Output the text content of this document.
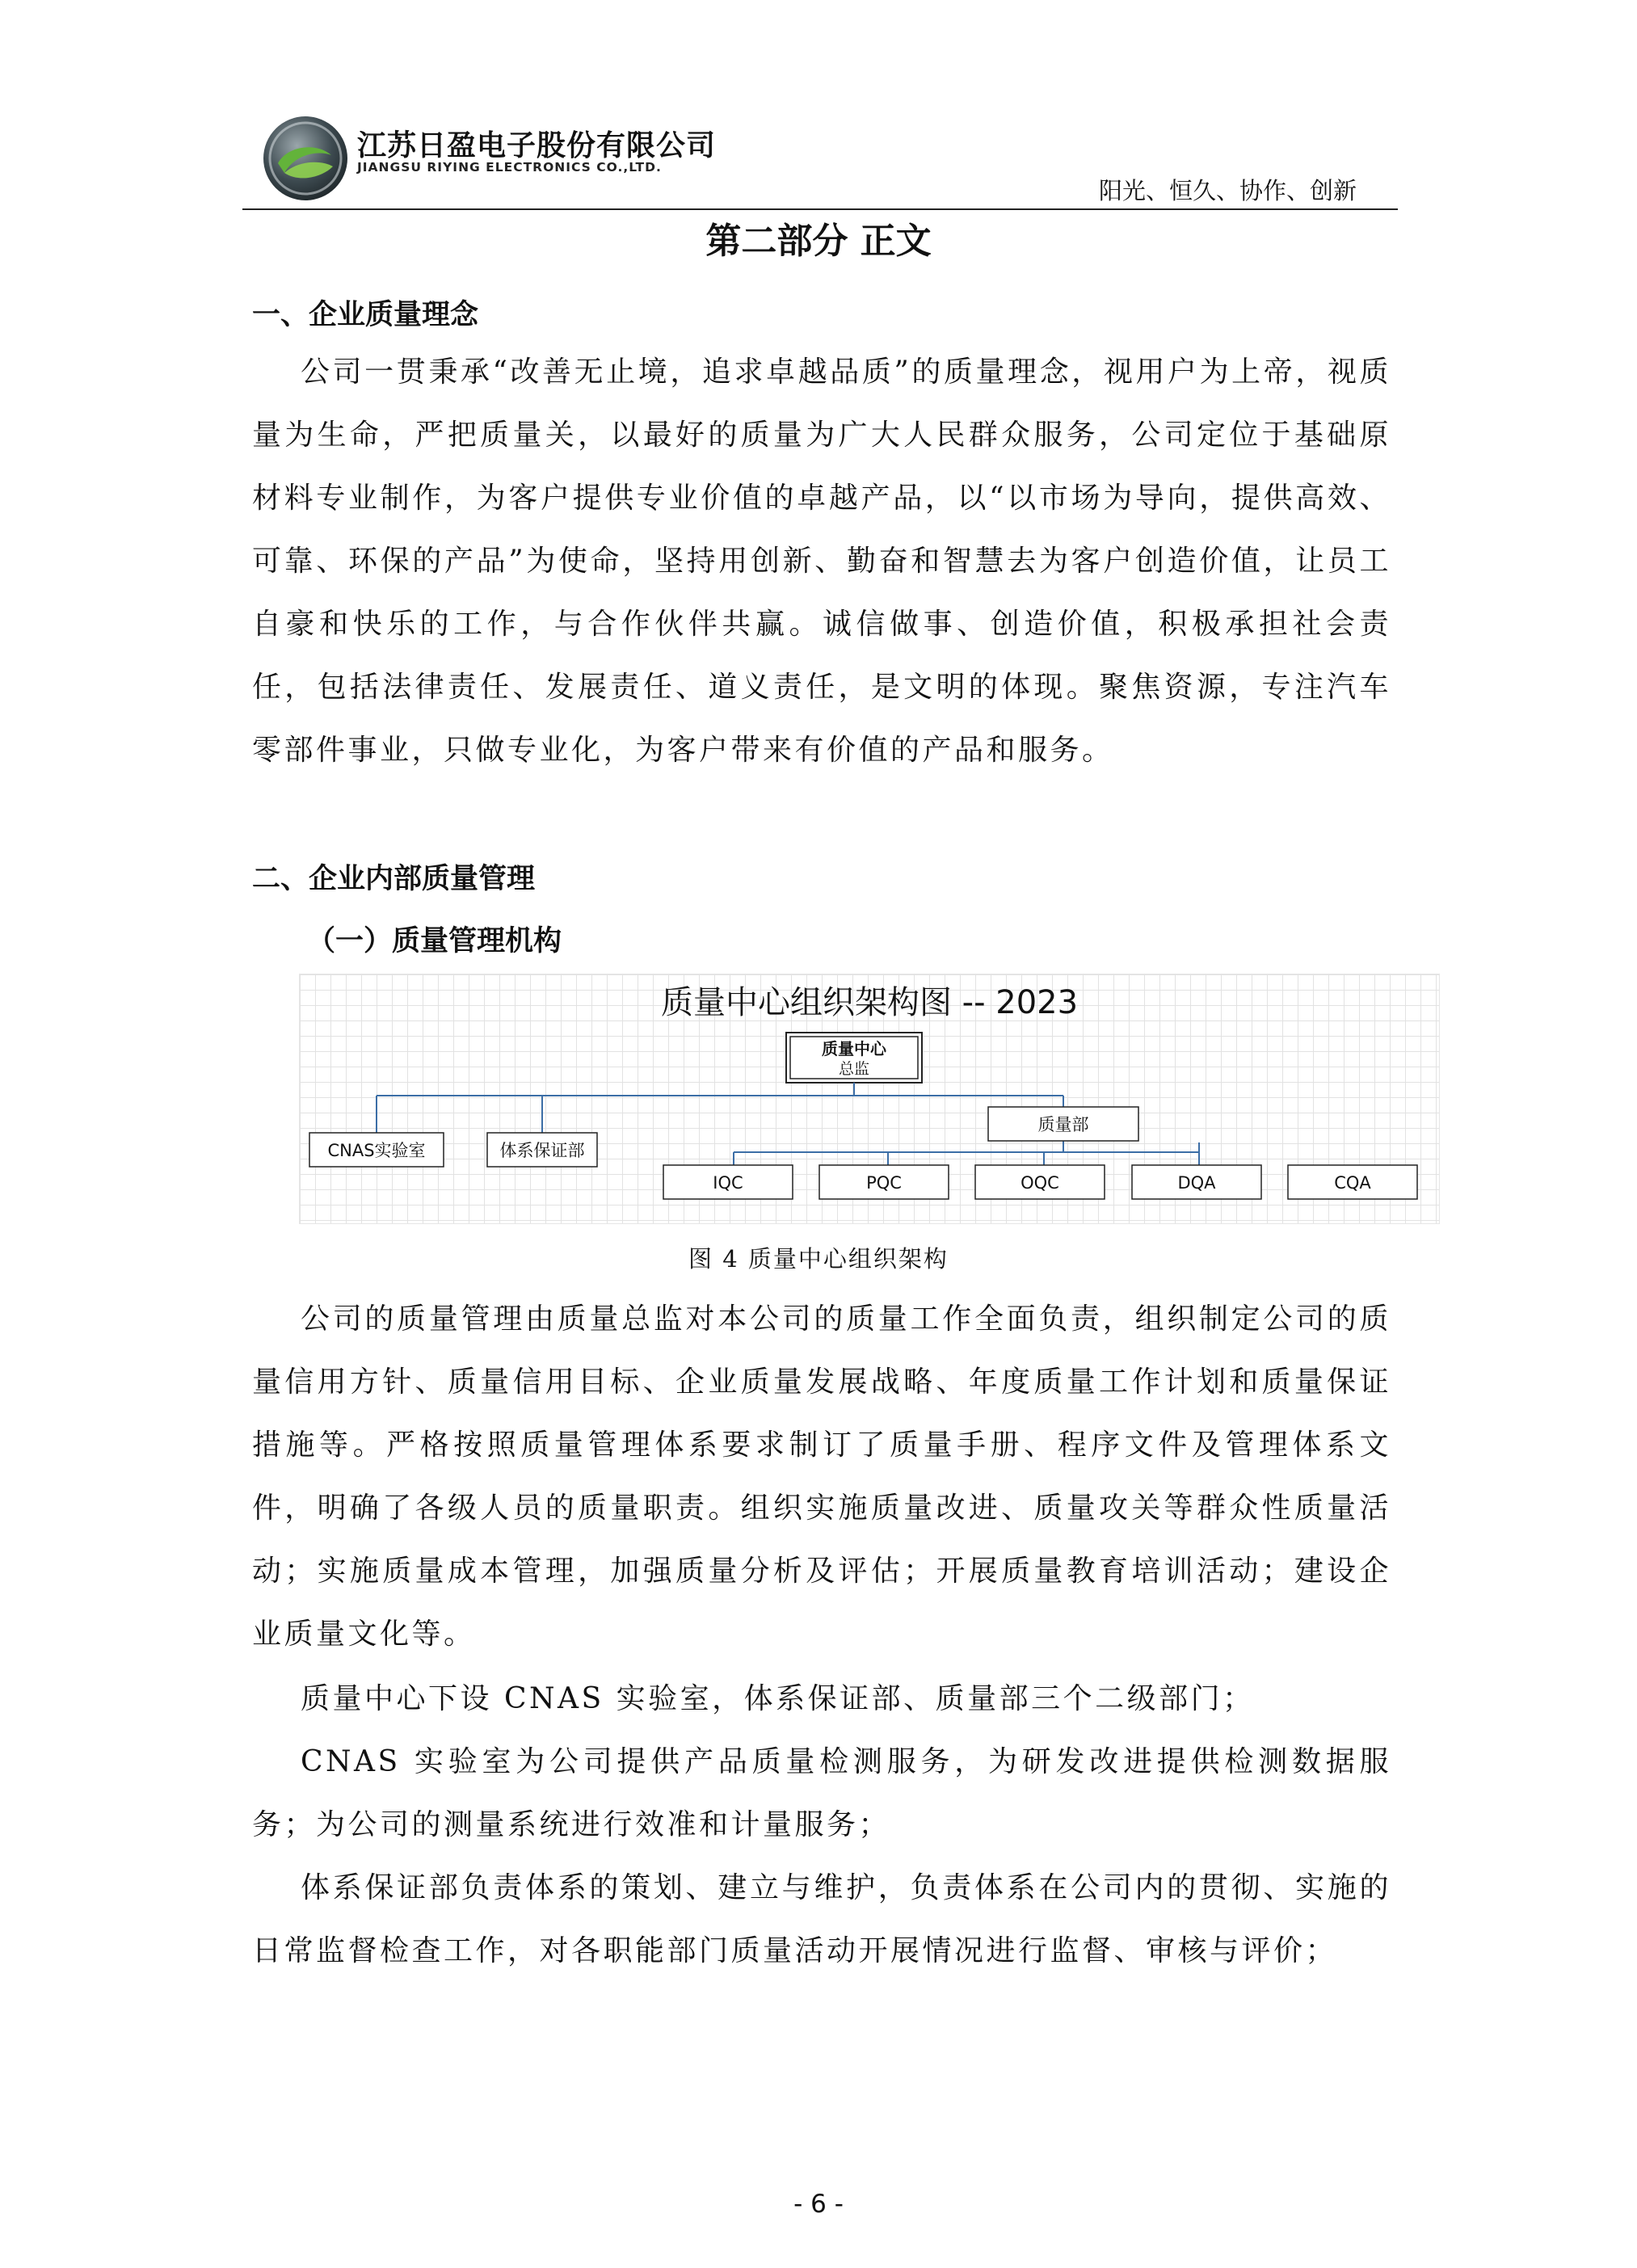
江苏日盈电子股份有限公司
JIANGSU RIYING ELECTRONICS CO.,LTD.
阳光、恒久、协作、创新
第二部分 正文
一、企业质量理念
公司一贯秉承“改善无止境，追求卓越品质”的质量理念，视用户为上帝，视质量为生命，严把质量关，以最好的质量为广大人民群众服务，公司定位于基础原材料专业制作，为客户提供专业价值的卓越产品，以“以市场为导向，提供高效、可靠、环保的产品”为使命，坚持用创新、勤奋和智慧去为客户创造价值，让员工自豪和快乐的工作，与合作伙伴共赢。诚信做事、创造价值，积极承担社会责任，包括法律责任、发展责任、道义责任，是文明的体现。聚焦资源，专注汽车零部件事业，只做专业化，为客户带来有价值的产品和服务。
二、企业内部质量管理
（一）质量管理机构
质量中心组织架构图 -- 2023
质量中心
总监
CNAS实验室	体系保证部
质量部
IQC	PQC	OQC	DQA	CQA
图 4 质量中心组织架构
公司的质量管理由质量总监对本公司的质量工作全面负责，组织制定公司的质量信用方针、质量信用目标、企业质量发展战略、年度质量工作计划和质量保证措施等。严格按照质量管理体系要求制订了质量手册、程序文件及管理体系文件，明确了各级人员的质量职责。组织实施质量改进、质量攻关等群众性质量活动；实施质量成本管理，加强质量分析及评估；开展质量教育培训活动；建设企业质量文化等。
质量中心下设 CNAS 实验室，体系保证部、质量部三个二级部门；
CNAS 实验室为公司提供产品质量检测服务，为研发改进提供检测数据服务；为公司的测量系统进行效准和计量服务；
体系保证部负责体系的策划、建立与维护，负责体系在公司内的贯彻、实施的日常监督检查工作，对各职能部门质量活动开展情况进行监督、审核与评价；
- 6 -
